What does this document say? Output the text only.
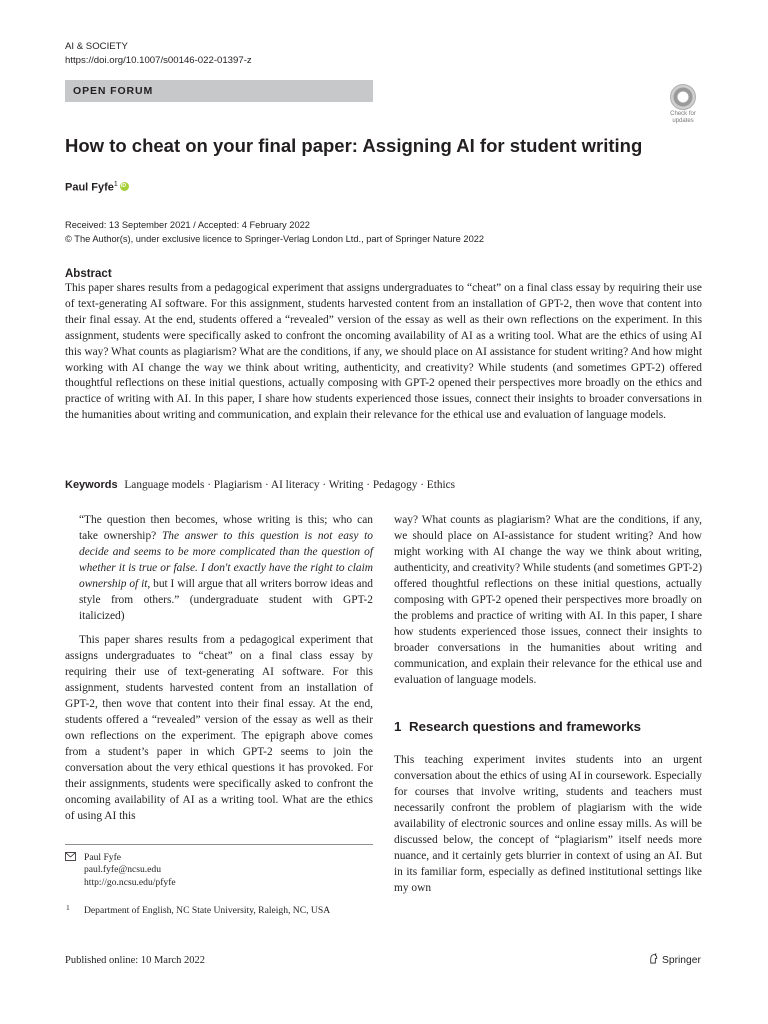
AI & SOCIETY
https://doi.org/10.1007/s00146-022-01397-z
OPEN FORUM
Check for
updates
How to cheat on your final paper: Assigning AI for student writing
Paul Fyfe$^1$iD
Received: 13 September 2021 / Accepted: 4 February 2022
© The Author(s), under exclusive licence to Springer-Verlag London Ltd., part of Springer Nature 2022
Abstract
This paper shares results from a pedagogical experiment that assigns undergraduates to “cheat” on a final class essay by requiring their use of text-generating AI software. For this assignment, students harvested content from an installation of GPT-2, then wove that content into their final essay. At the end, students offered a “revealed” version of the essay as well as their own reflections on the experiment. In this assignment, students were specifically asked to confront the oncoming availability of AI as a writing tool. What are the ethics of using AI this way? What counts as plagiarism? What are the conditions, if any, we should place on AI assistance for student writing? And how might working with AI change the way we think about writing, authenticity, and creativity? While students (and sometimes GPT-2) offered thoughtful reflections on these initial questions, actually composing with GPT-2 opened their perspectives more broadly on the ethics and practice of writing with AI. In this paper, I share how students experienced those issues, connect their insights to broader conversations in the humanities about writing and communication, and explain their relevance for the ethical use and evaluation of language models.
Keywords Language models · Plagiarism · AI literacy · Writing · Pedagogy · Ethics

“The question then becomes, whose writing is this; who can take ownership? The answer to this question is not easy to decide and seems to be more complicated than the question of whether it is true or false. I don't exactly have the right to claim ownership of it, but I will argue that all writers borrow ideas and style from others.” (undergraduate student with GPT-2 italicized)

This paper shares results from a pedagogical experiment that assigns undergraduates to “cheat” on a final class essay by requiring their use of text-generating AI software. For this assignment, students harvested content from an installation of GPT-2, then wove that content into their final essay. At the end, students offered a “revealed” version of the essay as well as their own reflections on the experiment. The epigraph above comes from a student’s paper in which GPT-2 seems to join the conversation about the very ethical questions it has provoked. For their assignments, students were specifically asked to confront the oncoming availability of AI as a writing tool. What are the ethics of using AI this

way? What counts as plagiarism? What are the conditions, if any, we should place on AI-assistance for student writing? And how might working with AI change the way we think about writing, authenticity, and creativity? While students (and sometimes GPT-2) offered thoughtful reflections on these initial questions, actually composing with GPT-2 opened their perspectives more broadly on the problems and practice of writing with AI. In this paper, I share how students experienced those issues, connect their insights to broader conversations in the humanities about writing and communication, and explain their relevance for the ethical use and evaluation of language models.

1 Research questions and frameworks

This teaching experiment invites students into an urgent conversation about the ethics of using AI in coursework. Especially for courses that involve writing, students and teachers must necessarily confront the problem of plagiarism with the wide availability of electronic sources and online essay mills. As will be discussed below, the concept of “plagiarism” itself needs more nuance, and it certainly gets blurrier in context of using an AI. But in its familiar form, especially as defined institutional settings like my own

Paul Fyfe
paul.fyfe@ncsu.edu
http://go.ncsu.edu/pfyfe
1 Department of English, NC State University, Raleigh, NC, USA
Published online: 10 March 2022	Springer
